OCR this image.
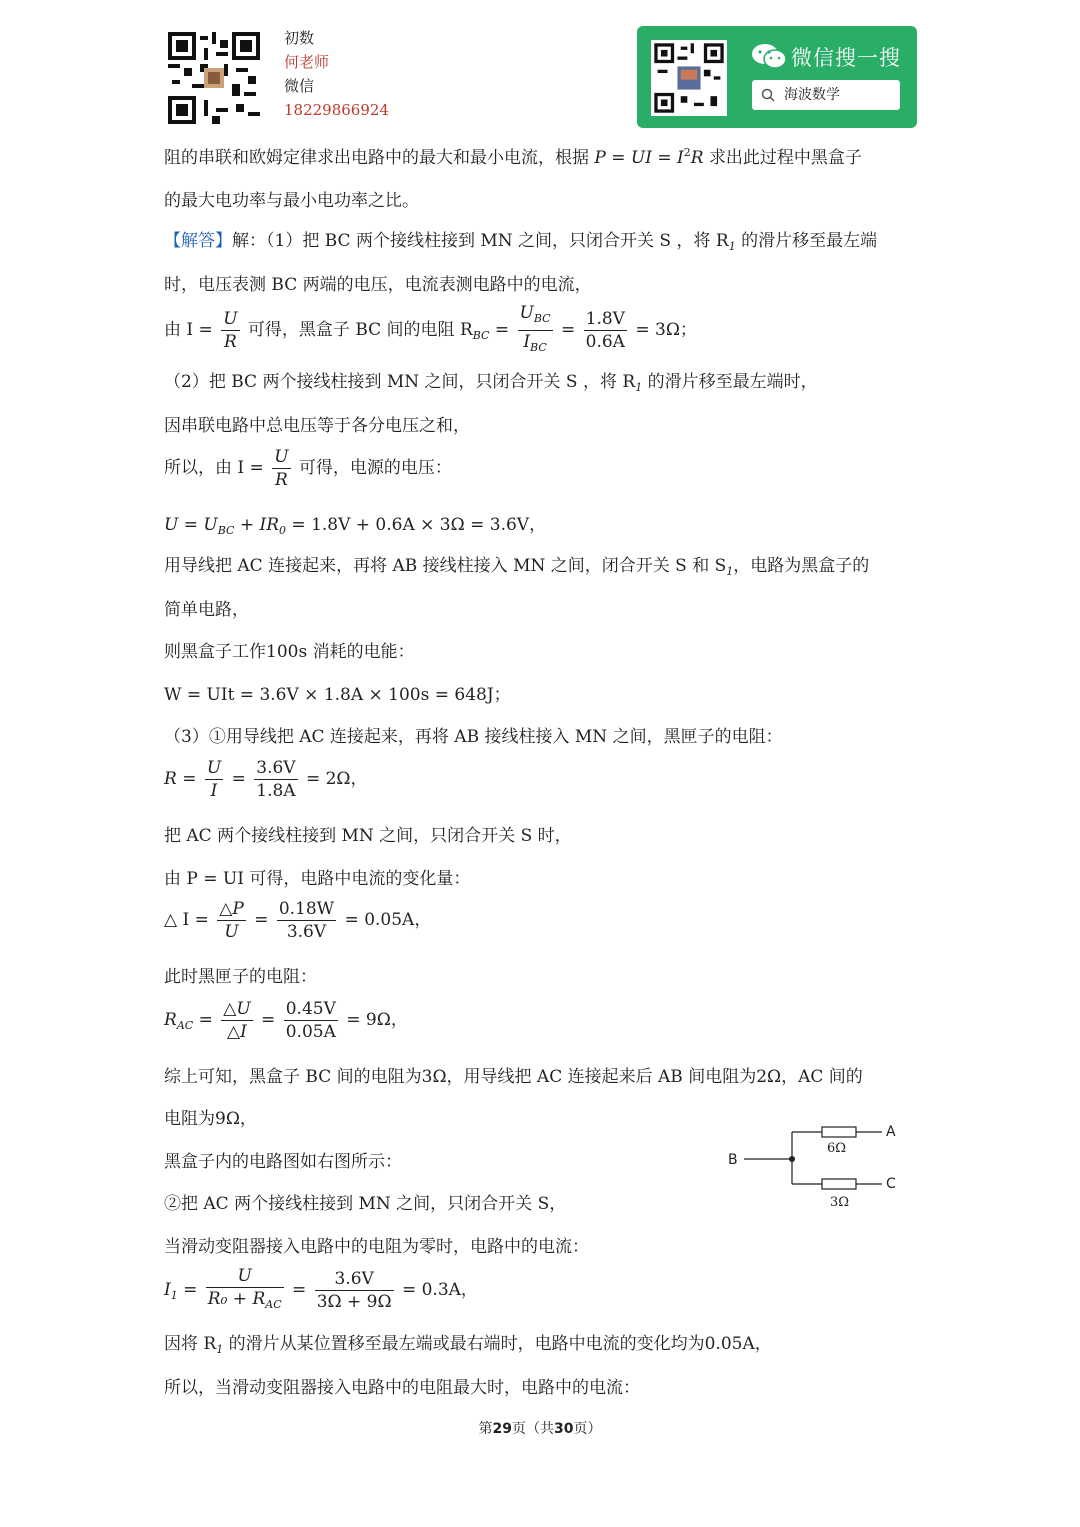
初数
何老师
微信
18229866924
微信搜一搜
海波数学
阻的串联和欧姆定律求出电路中的最大和最小电流，根据 P = UI = $I^2R$ 求出此过程中黑盒子
的最大电功率与最小电功率之比。
【解答】解：（1）把 BC 两个接线柱接到 MN 之间，只闭合开关 S ，将 $R_1$ 的滑片移至最左端
时，电压表测 BC 两端的电压，电流表测电路中的电流，
由 $I = \frac{U}{R}$ 可得，黑盒子 BC 间的电阻 $R_{BC} = \frac{U_{BC}}{I_{BC}} = \frac{1.8V}{0.6A} = 3\Omega$；
（2）把 BC 两个接线柱接到 MN 之间，只闭合开关 S ，将 $R_1$ 的滑片移至最左端时，
因串联电路中总电压等于各分电压之和，
所以，由 $I = \frac{U}{R}$ 可得，电源的电压：
$U = U_{BC} + IR_0 = 1.8V + 0.6A \times 3\Omega = 3.6V$，
用导线把 AC 连接起来，再将 AB 接线柱接入 MN 之间，闭合开关 S 和 $S_1$，电路为黑盒子的
简单电路，
则黑盒子工作100s 消耗的电能：
W = UIt = 3.6V × 1.8A × 100s = 648J；
（3）①用导线把 AC 连接起来，再将 AB 接线柱接入 MN 之间，黑匣子的电阻：
$R = \frac{U}{I} = \frac{3.6V}{1.8A} = 2\Omega$，
把 AC 两个接线柱接到 MN 之间，只闭合开关 S 时，
由 P = UI 可得，电路中电流的变化量：
△ $I = \frac{\triangle P}{U} = \frac{0.18W}{3.6V} = 0.05A$，
此时黑匣子的电阻：
$R_{AC} = \frac{\triangle U}{\triangle I} = \frac{0.45V}{0.05A} = 9\Omega$，
综上可知，黑盒子 BC 间的电阻为3Ω，用导线把 AC 连接起来后 AB 间电阻为2Ω，AC 间的
电阻为9Ω，
黑盒子内的电路图如右图所示：
②把 AC 两个接线柱接到 MN 之间，只闭合开关 S，
当滑动变阻器接入电路中的电阻为零时，电路中的电流：
$I_1 = \frac{U}{R_0 + R_{AC}} = \frac{3.6V}{3\Omega + 9\Omega} = 0.3A$，
因将 $R_1$ 的滑片从某位置移至最左端或最右端时，电路中电流的变化均为0.05A，
所以，当滑动变阻器接入电路中的电阻最大时，电路中的电流：
B
A
6Ω
C
3Ω
第29页（共30页）
